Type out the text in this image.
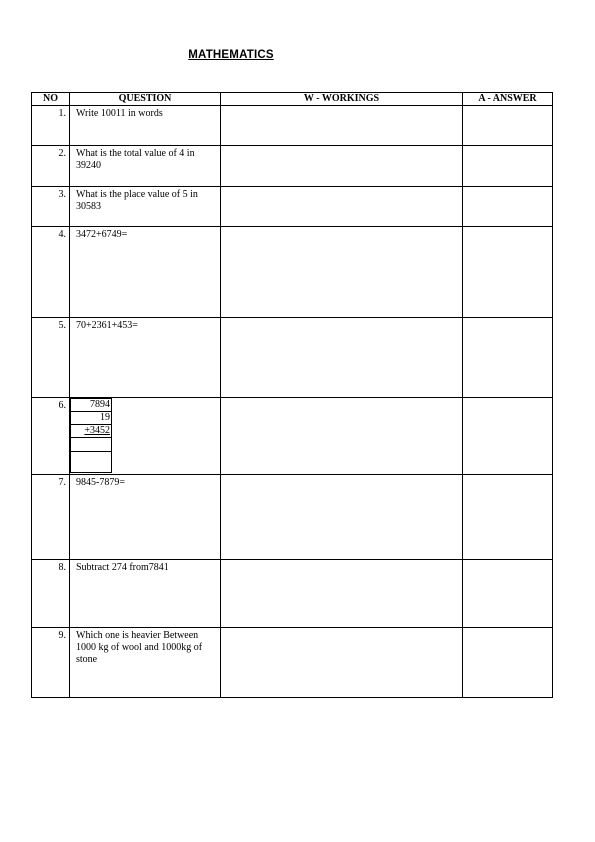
MATHEMATICS
NO	QUESTION	W - WORKINGS	A - ANSWER
1.	Write 10011 in words		
2.	What is the total value of 4 in 39240		
3.	What is the place value of 5 in 30583		
4.	3472+6749=		
5.	70+2361+453=		
6.	7894
19
+3452

7.	9845-7879=		
8.	Subtract 274 from7841		
9.	Which one is heavier Between 1000 kg of wool and 1000kg of stone		
